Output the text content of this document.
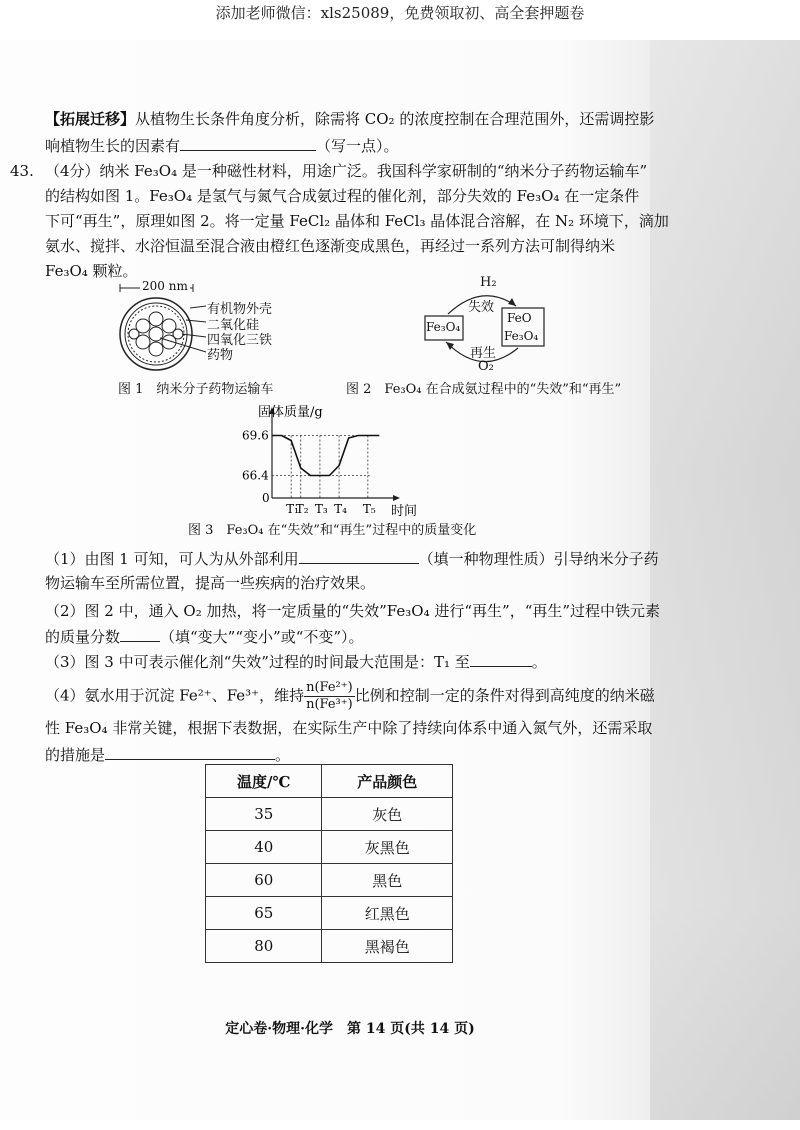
添加老师微信：xls25089，免费领取初、高全套押题卷
【拓展迁移】从植物生长条件角度分析，除需将 CO₂ 的浓度控制在合理范围外，还需调控影
响植物生长的因素有	（写一点）。
43. （4分）纳米 Fe₃O₄ 是一种磁性材料，用途广泛。我国科学家研制的“纳米分子药物运输车”
的结构如图 1。Fe₃O₄ 是氢气与氮气合成氨过程的催化剂，部分失效的 Fe₃O₄ 在一定条件
下可“再生”，原理如图 2。将一定量 FeCl₂ 晶体和 FeCl₃ 晶体混合溶解，在 N₂ 环境下，滴加
氨水、搅拌、水浴恒温至混合液由橙红色逐渐变成黑色，再经过一系列方法可制得纳米
Fe₃O₄ 颗粒。
200 nm
有机物外壳
二氧化硅
四氧化三铁
药物
图 1　纳米分子药物运输车
H₂
失效
Fe₃O₄
FeO
Fe₃O₄
再生
O₂
图 2　Fe₃O₄ 在合成氨过程中的“失效”和“再生”
固体质量/g
时间
0
66.4
69.6
T₁
T₂ T₃ T₄ T₅
图 3　Fe₃O₄ 在“失效”和“再生”过程中的质量变化
（1）由图 1 可知，可人为从外部利用	（填一种物理性质）引导纳米分子药
物运输车至所需位置，提高一些疾病的治疗效果。
（2）图 2 中，通入 O₂ 加热，将一定质量的“失效”Fe₃O₄ 进行“再生”，“再生”过程中铁元素
的质量分数	（填“变大”“变小”或“不变”）。
（3）图 3 中可表示催化剂“失效”过程的时间最大范围是：T₁ 至	。
（4）氨水用于沉淀 Fe²⁺、Fe³⁺，维持 $\frac{\text{n(Fe²⁺)}}{\text{n(Fe³⁺)}}$ 比例和控制一定的条件对得到高纯度的纳米磁
性 Fe₃O₄ 非常关键，根据下表数据，在实际生产中除了持续向体系中通入氮气外，还需采取
的措施是	。
温度/℃	产品颜色
35	灰色
40	灰黑色
60	黑色
65	红黑色
80	黑褐色
定心卷·物理·化学　第 14 页(共 14 页)
